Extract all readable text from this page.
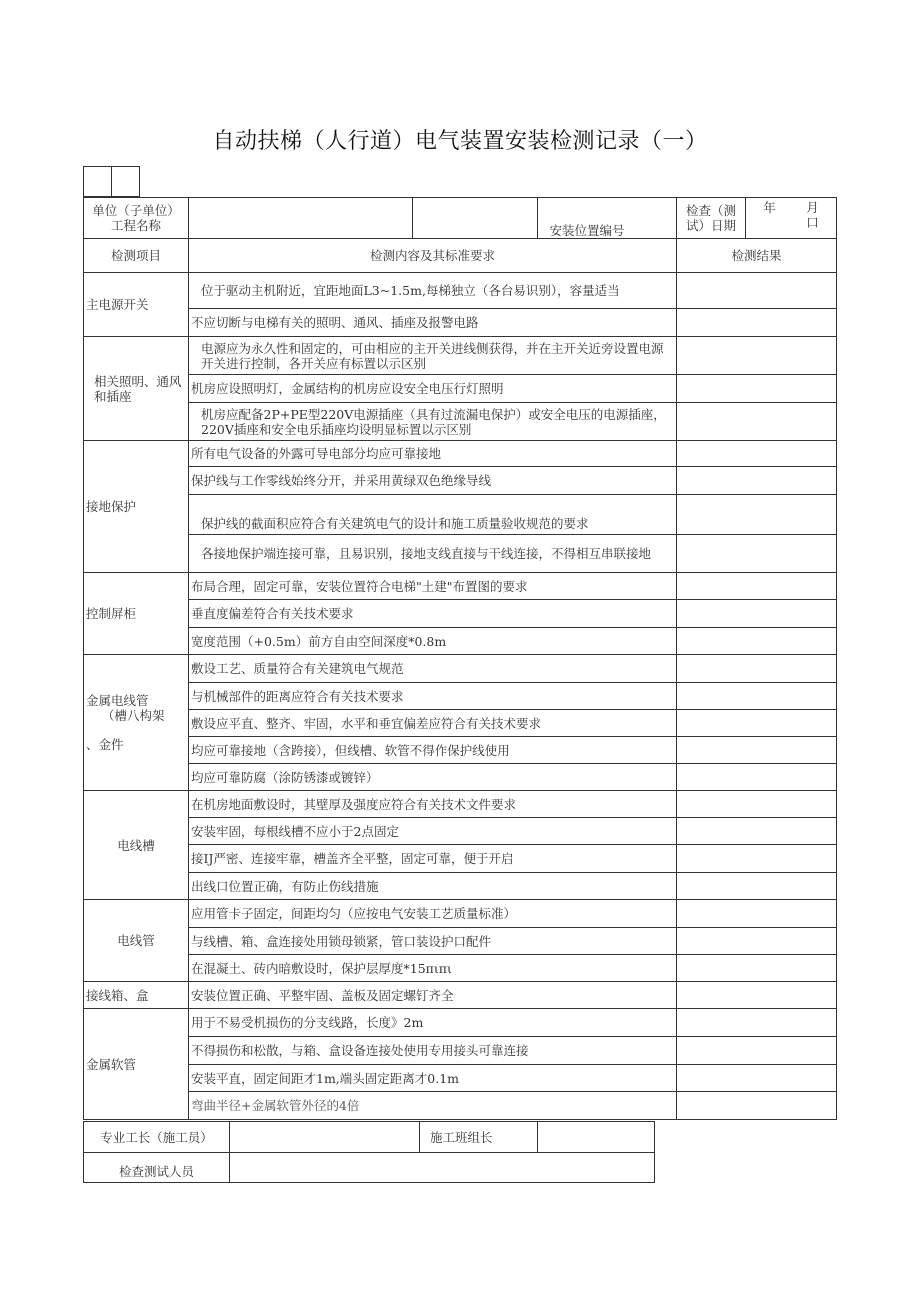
自动扶梯（人行道）电气装置安装检测记录（一）
单位（子单位）
工程名称
			安装位置编号	

检查（测
试）日期

年 月
口

检测项目	检测内容及其标准要求	检测结果
主电源开关	位于驱动主机附近，宜距地面L3~1.5m,每梯独立（各台易识别），容量适当	
不应切断与电梯有关的照明、通风、插座及报警电路	
相关照明、通风和插座	电源应为永久性和固定的，可由相应的主开关进线侧获得，并在主开关近旁设置电源开关进行控制，各开关应有标置以示区别	
机房应设照明灯，金属结构的机房应设安全电压行灯照明	
机房应配备2P+PE型220V电源插座（具有过流漏电保护）或安全电压的电源插座，220V插座和安全电乐插座均设明显标置以示区别	
接地保护	所有电气设备的外露可导电部分均应可靠接地	
保护线与工作零线始终分开，并采用黄绿双色绝缘导线	
保护线的截面积应符合有关建筑电气的设计和施工质量验收规范的要求	
各接地保护端连接可靠，且易识别，接地支线直接与干线连接，不得相互串联接地	
控制屏柜	布局合理，固定可靠，安装位置符合电梯"土建"布置图的要求	
垂直度偏差符合有关技术要求	
宽度范围（+0.5m）前方自由空间深度*0.8m	

金属电线管
（槽八构架
、金件
	敷设工艺、质量符合有关建筑电气规范	
与机械部件的距离应符合有关技术要求	
敷设应平直、整齐、牢固，水平和垂宜偏差应符合有关技术要求	
均应可靠接地（含跨接），但线槽、软管不得作保护线使用	
均应可靠防腐（涂防锈漆或镀锌）	
电线槽	在机房地面敷设时，其壁厚及强度应符合有关技术文件要求	
安装牢固，每根线槽不应小于2点固定	
接IJ严密、连接牢靠，槽盖齐全平整，固定可靠，便于开启	
出线口位置正确，有防止伤线措施	
电线管	应用管卡子固定，间距均匀（应按电气安装工艺质量标准）	
与线槽、箱、盒连接处用锁母锁紧，管口装设护口配件	
在混凝土、砖内暗敷设时，保护层厚度*15πιπι	
接线箱、盒	安装位置正确、平整牢固、盖板及固定螺钉齐全	
金属软管	用于不易受机损伤的分支线路，长度》2m	
不得损伤和松散，与箱、盒设备连接处使用专用接头可靠连接	
安装平直，固定间距才1m,端头固定距离才0.1m	
弯曲半径+金属软管外径的4倍	
专业工长（施工员）		施工班组长	
检查测试人员			
